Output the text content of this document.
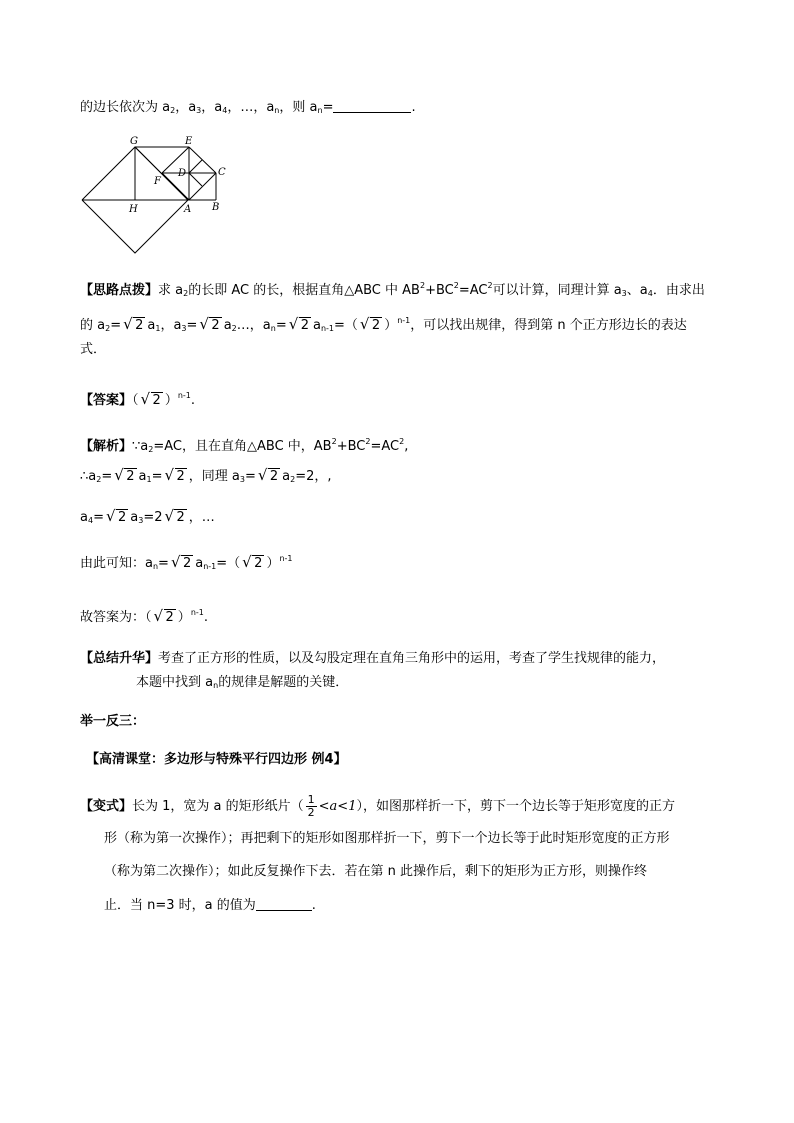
的边长依次为 $a_2$，$a_3$，$a_4$，…，$a_n$，则 $a_n=$	.
G	E
C
D
F
H	A B
【思路点拨】求 $a_2$的长即 AC 的长，根据直角△ABC 中 $AB^2+BC^2=AC^2$可以计算，同理计算 $a_3$、$a_4$．由求出
的 $a_2=√$ 2 $a_1$，$a_3=√$ 2 $a_2\dots$，$a_n=√$ 2 $a_{n-1}=(√$ 2 ）$^{n-1}$，可以找出规律，得到第 n 个正方形边长的表达
式．
【答案】（√ 2 ）$^{n-1}$.
【解析】$\because a_2=AC$，且在直角△ABC 中，$AB^2+BC^2=AC^2$,
$\therefore a_2=√$ 2 $a_1=√$ 2 ，同理 $a_3=√$ 2 $a_2=2$，,
$a_4=√$ 2 $a_3=2√$ 2 ，…
由此可知：$a_n=√$ 2 $a_{n-1}=(√$ 2 ）$^{n-1}$
故答案为：（√ 2 ）$^{n-1}$.
【总结升华】考查了正方形的性质，以及勾股定理在直角三角形中的运用，考查了学生找规律的能力，
本题中找到 $a_n$的规律是解题的关键．
举一反三：
【高清课堂：多边形与特殊平行四边形 例4】
【变式】长为 1，宽为 a 的矩形纸片（ $\frac{1}{2} <a<1$），如图那样折一下，剪下一个边长等于矩形宽度的正方
形（称为第一次操作）；再把剩下的矩形如图那样折一下，剪下一个边长等于此时矩形宽度的正方形
（称为第二次操作）；如此反复操作下去．若在第 n 此操作后，剩下的矩形为正方形，则操作终
止．当 n=3 时，a 的值为	.
